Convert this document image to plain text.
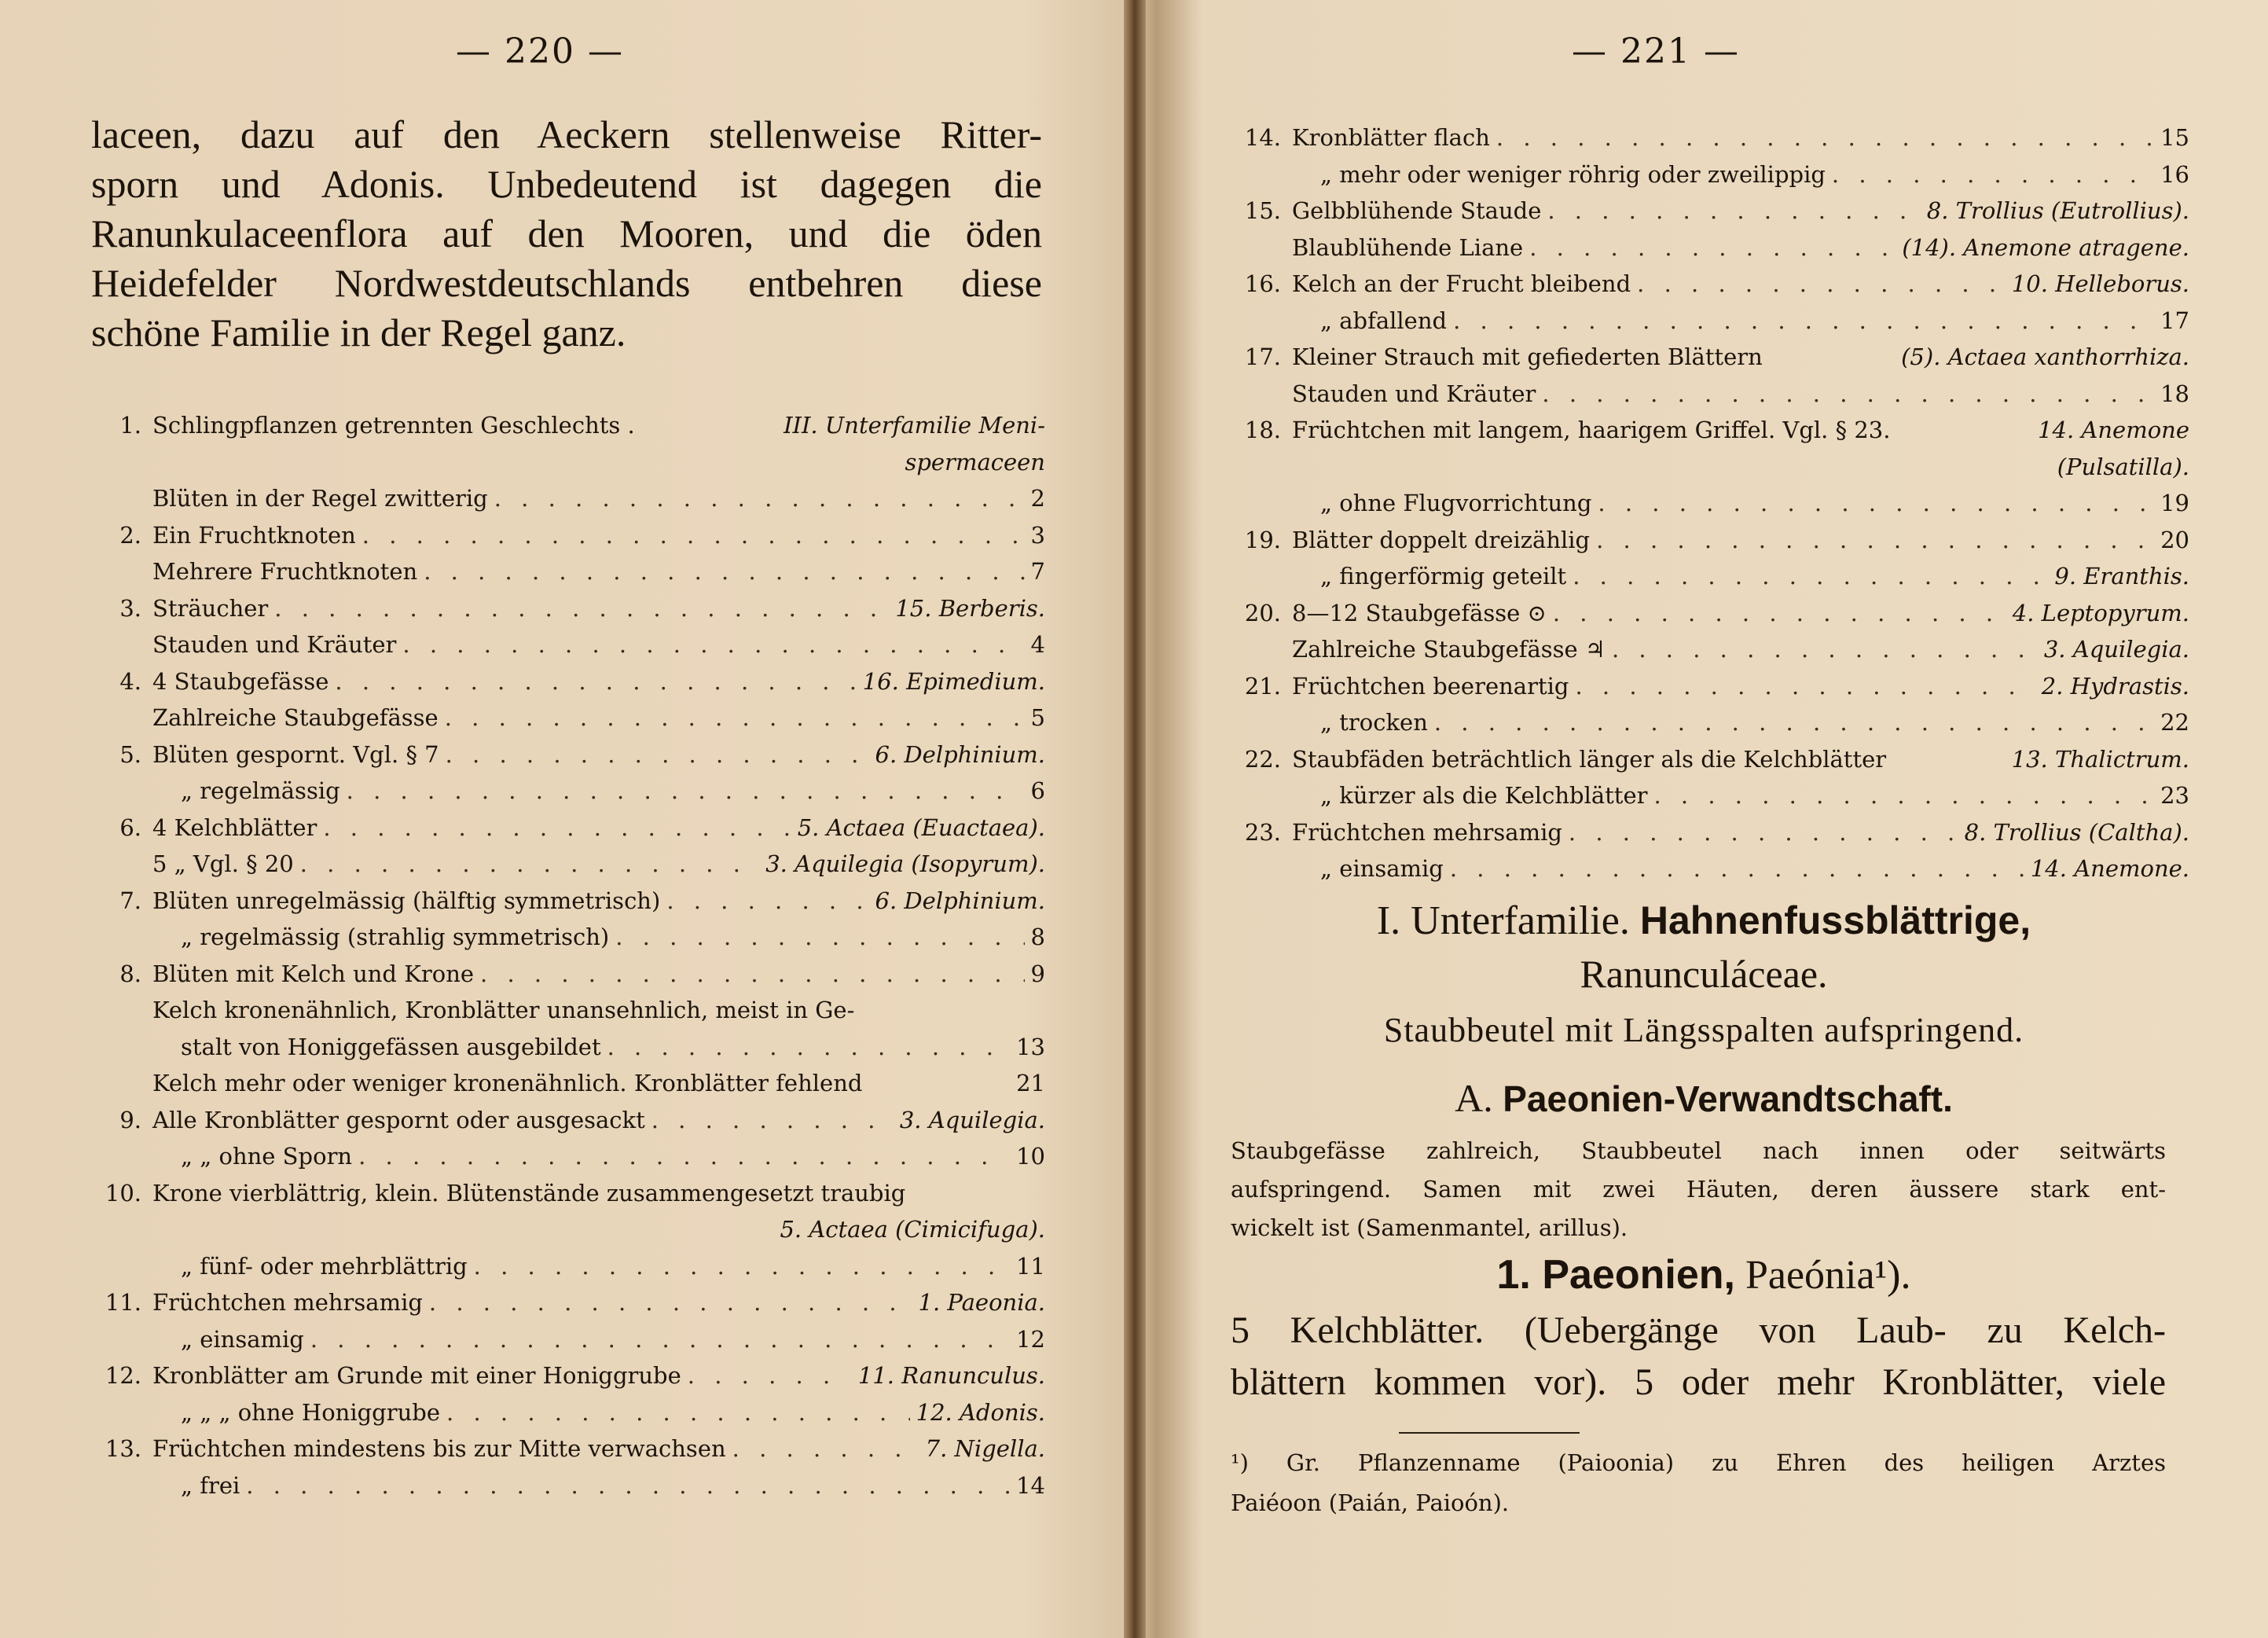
— 220 —
laceen, dazu auf den Aeckern stellenweise Ritter-
sporn und Adonis. Unbedeutend ist dagegen die
Ranunkulaceenflora auf den Mooren, und die öden
Heidefelder Nordwestdeutschlands entbehren diese
schöne Familie in der Regel ganz.
1. Schlingpflanzen getrennten Geschlechts .	III. Unterfamilie Meni-
spermaceen
Blüten in der Regel zwitterig . . .	2
2. Ein Fruchtknoten . . .	3
Mehrere Fruchtknoten . . .	7
3. Sträucher . . .	15. Berberis.
Stauden und Kräuter . . .	4
4. 4 Staubgefässe . . .	16. Epimedium.
Zahlreiche Staubgefässe . . .	5
5. Blüten gespornt. Vgl. § 7 . . .	6. Delphinium.
„ regelmässig . . .	6
6. 4 Kelchblätter . . .	5. Actaea (Euactaea).
5 „ Vgl. § 20 . . .	3. Aquilegia (Isopyrum).
7. Blüten unregelmässig (hälftig symmetrisch) . . .	6. Delphinium.
„ regelmässig (strahlig symmetrisch) . . .	8
8. Blüten mit Kelch und Krone . . .	9
Kelch kronenähnlich, Kronblätter unansehnlich, meist in Ge-
stalt von Honiggefässen ausgebildet . . .	13
Kelch mehr oder weniger kronenähnlich. Kronblätter fehlend	21
9. Alle Kronblätter gespornt oder ausgesackt . . .	3. Aquilegia.
„ „ ohne Sporn . . .	10
10. Krone vierblättrig, klein. Blütenstände zusammengesetzt traubig
5. Actaea (Cimicifuga).
„ fünf- oder mehrblättrig . . .	11
11. Früchtchen mehrsamig . . .	1. Paeonia.
„ einsamig . . .	12
12. Kronblätter am Grunde mit einer Honiggrube . . .	11. Ranunculus.
„ „ „ ohne Honiggrube . . .	12. Adonis.
13. Früchtchen mindestens bis zur Mitte verwachsen . . .	7. Nigella.
„ frei . . .	14
— 221 —
14. Kronblätter flach . . .	15
„ mehr oder weniger röhrig oder zweilippig . . .	16
15. Gelbblühende Staude . . .	8. Trollius (Eutrollius).
Blaublühende Liane . . .	(14). Anemone atragene.
16. Kelch an der Frucht bleibend . . .	10. Helleborus.
„ abfallend . . .	17
17. Kleiner Strauch mit gefiederten Blättern	(5). Actaea xanthorrhiza.
Stauden und Kräuter . . .	18
18. Früchtchen mit langem, haarigem Griffel. Vgl. § 23.	14. Anemone
(Pulsatilla).
„ ohne Flugvorrichtung . . .	19
19. Blätter doppelt dreizählig . . .	20
„ fingerförmig geteilt . . .	9. Eranthis.
20. 8—12 Staubgefässe ⊙ . . .	4. Leptopyrum.
Zahlreiche Staubgefässe ♃ . . .	3. Aquilegia.
21. Früchtchen beerenartig . . .	2. Hydrastis.
„ trocken . . .	22
22. Staubfäden beträchtlich länger als die Kelchblätter	13. Thalictrum.
„ kürzer als die Kelchblätter . . .	23
23. Früchtchen mehrsamig . . .	8. Trollius (Caltha).
„ einsamig . . .	14. Anemone.
I. Unterfamilie. Hahnenfussblättrige,
Ranunculáceae.
Staubbeutel mit Längsspalten aufspringend.
A. Paeonien-Verwandtschaft.
Staubgefässe zahlreich, Staubbeutel nach innen oder seitwärts
aufspringend. Samen mit zwei Häuten, deren äussere stark ent-
wickelt ist (Samenmantel, arillus).
1. Paeonien, Paeónia¹).
5 Kelchblätter. (Uebergänge von Laub- zu Kelch-
blättern kommen vor). 5 oder mehr Kronblätter, viele
¹) Gr. Pflanzenname (Paioonia) zu Ehren des heiligen Arztes
Paiéoon (Paián, Paioón).
